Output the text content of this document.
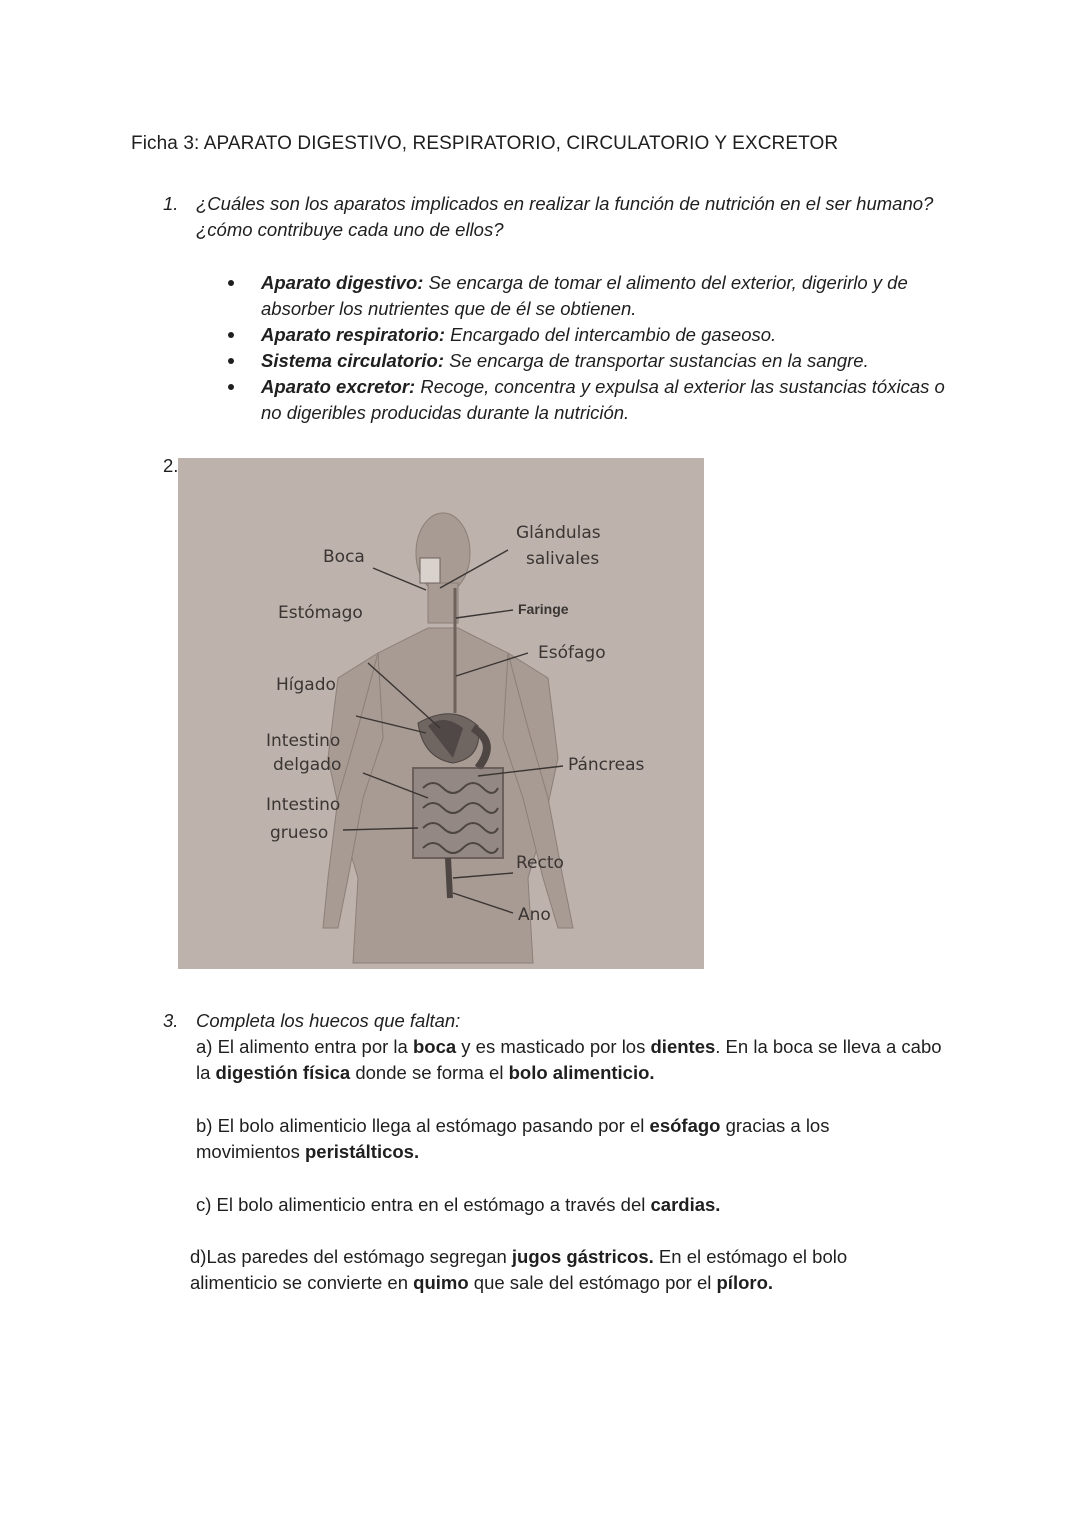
Ficha 3: APARATO DIGESTIVO, RESPIRATORIO, CIRCULATORIO Y EXCRETOR
1. ¿Cuáles son los aparatos implicados en realizar la función de nutrición en el ser humano?¿cómo contribuye cada uno de ellos?

Aparato digestivo: Se encarga de tomar el alimento del exterior, digerirlo y de absorber los nutrientes que de él se obtienen.

Aparato respiratorio: Encargado del intercambio de gaseoso.

Sistema circulatorio: Se encarga de transportar sustancias en la sangre.

Aparato excretor: Recoge, concentra y expulsa al exterior las sustancias tóxicas o no digeribles producidas durante la nutrición.

2.
Glándulas
salivales
Boca
Faringe
Estómago
Esófago
Hígado
Intestino
delgado	Páncreas
Intestino
grueso
Recto
Ano
3. Completa los huecos que faltan:
a) El alimento entra por la boca y es masticado por los dientes. En la boca se lleva a cabo la digestión física donde se forma el bolo alimenticio.
b) El bolo alimenticio llega al estómago pasando por el esófago gracias a los movimientos peristálticos.
c) El bolo alimenticio entra en el estómago a través del cardias.
d)Las paredes del estómago segregan jugos gástricos. En el estómago el bolo alimenticio se convierte en quimo que sale del estómago por el píloro.
